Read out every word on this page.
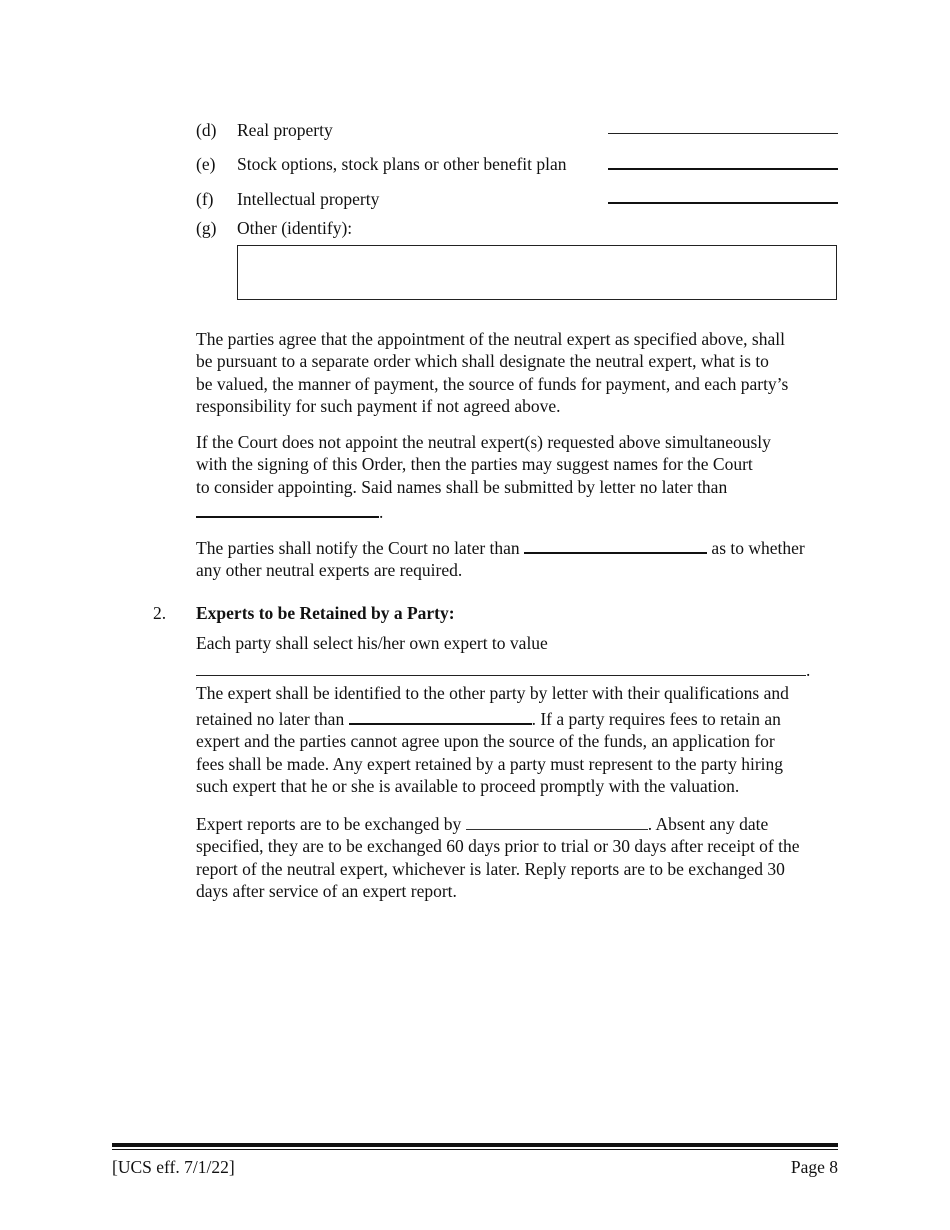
(d) Real property
(e) Stock options, stock plans or other benefit plan
(f) Intellectual property
(g) Other (identify):
The parties agree that the appointment of the neutral expert as specified above, shall
be pursuant to a separate order which shall designate the neutral expert, what is to
be valued, the manner of payment, the source of funds for payment, and each party’s
responsibility for such payment if not agreed above.
If the Court does not appoint the neutral expert(s) requested above simultaneously
with the signing of this Order, then the parties may suggest names for the Court
to consider appointing. Said names shall be submitted by letter no later than
.
The parties shall notify the Court no later than	as to whether
any other neutral experts are required.
2. Experts to be Retained by a Party:
Each party shall select his/her own expert to value
.
The expert shall be identified to the other party by letter with their qualifications and
retained no later than	. If a party requires fees to retain an
expert and the parties cannot agree upon the source of the funds, an application for
fees shall be made. Any expert retained by a party must represent to the party hiring
such expert that he or she is available to proceed promptly with the valuation.
Expert reports are to be exchanged by	. Absent any date
specified, they are to be exchanged 60 days prior to trial or 30 days after receipt of the
report of the neutral expert, whichever is later. Reply reports are to be exchanged 30
days after service of an expert report.
[UCS eff. 7/1/22]	Page 8
